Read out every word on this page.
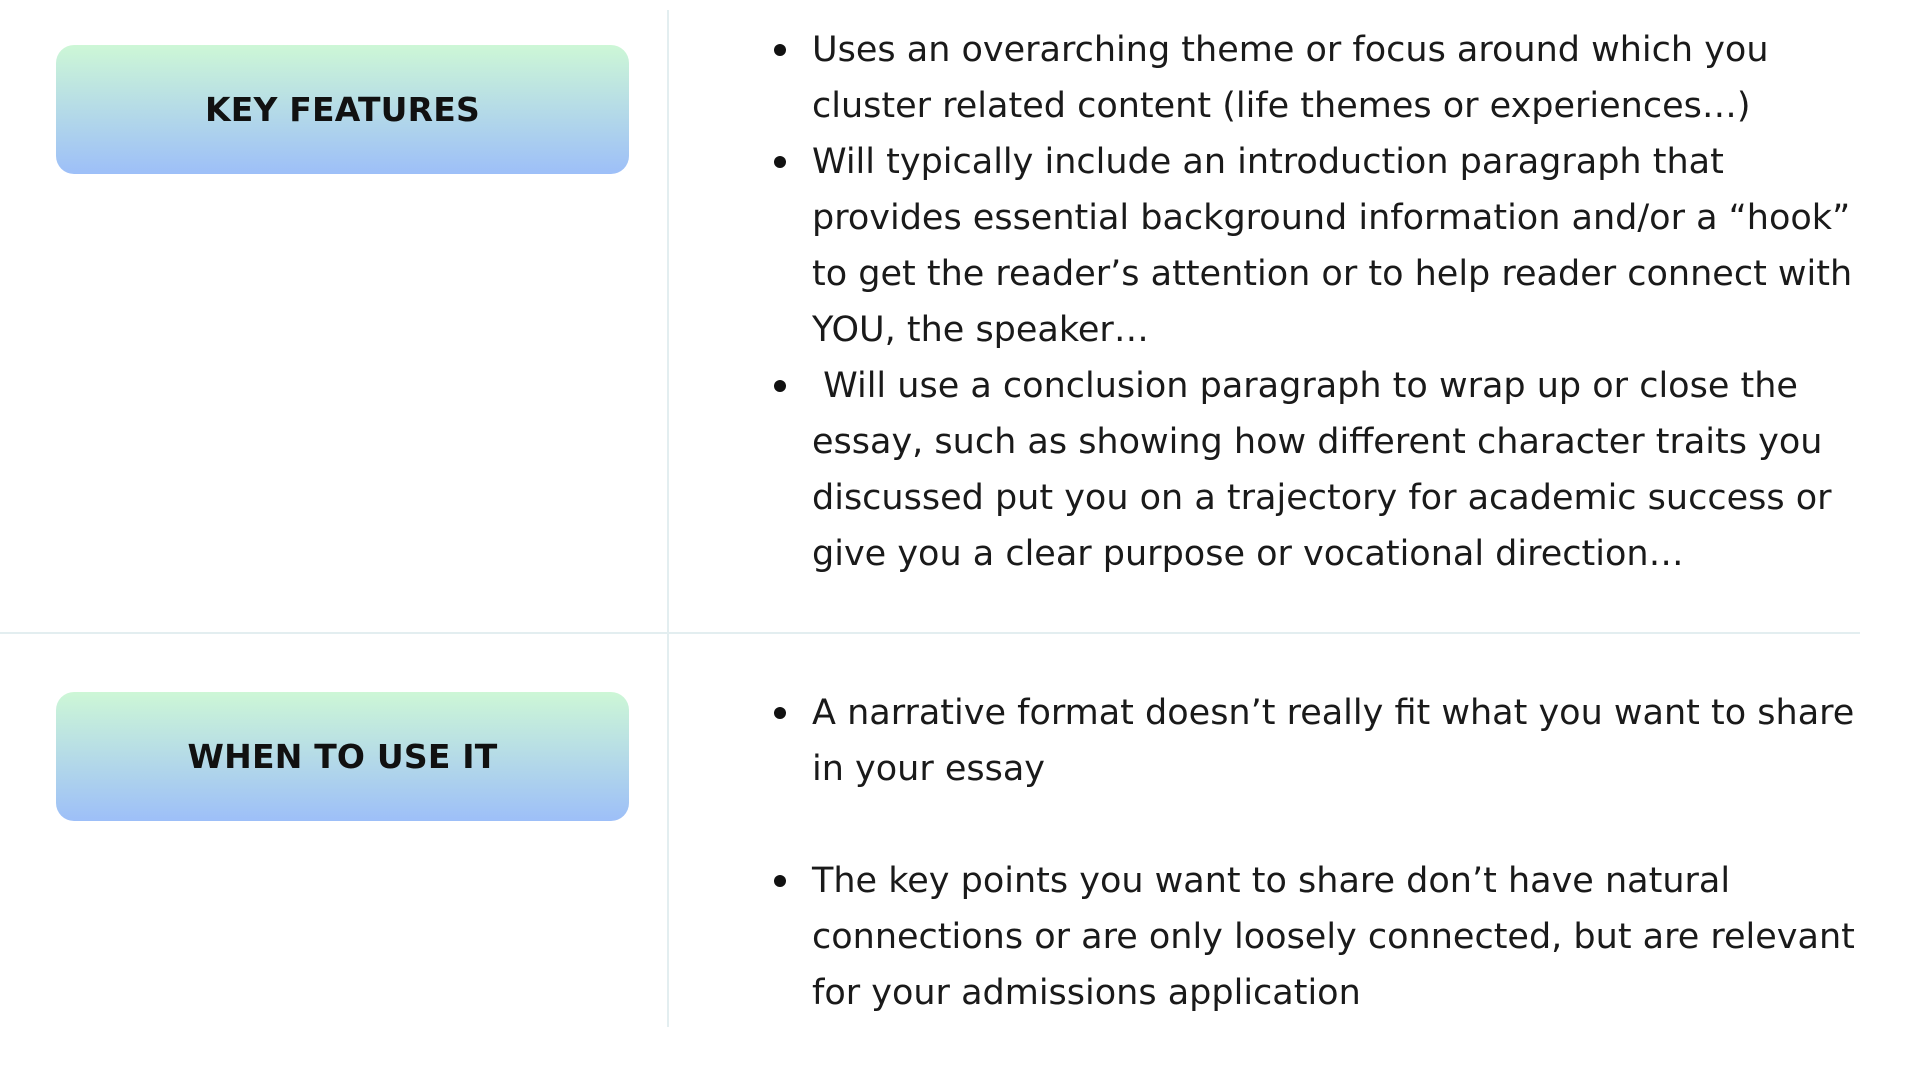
KEY FEATURES
Uses an overarching theme or focus around which you cluster related content (life themes or experiences…)
Will typically include an introduction paragraph that provides essential background information and/or a “hook” to get the reader’s attention or to help reader connect with YOU, the speaker…
Will use a conclusion paragraph to wrap up or close the essay, such as showing how different character traits you discussed put you on a trajectory for academic success or give you a clear purpose or vocational direction…
WHEN TO USE IT
A narrative format doesn’t really fit what you want to share in your essay
The key points you want to share don’t have natural connections or are only loosely connected, but are relevant for your admissions application
